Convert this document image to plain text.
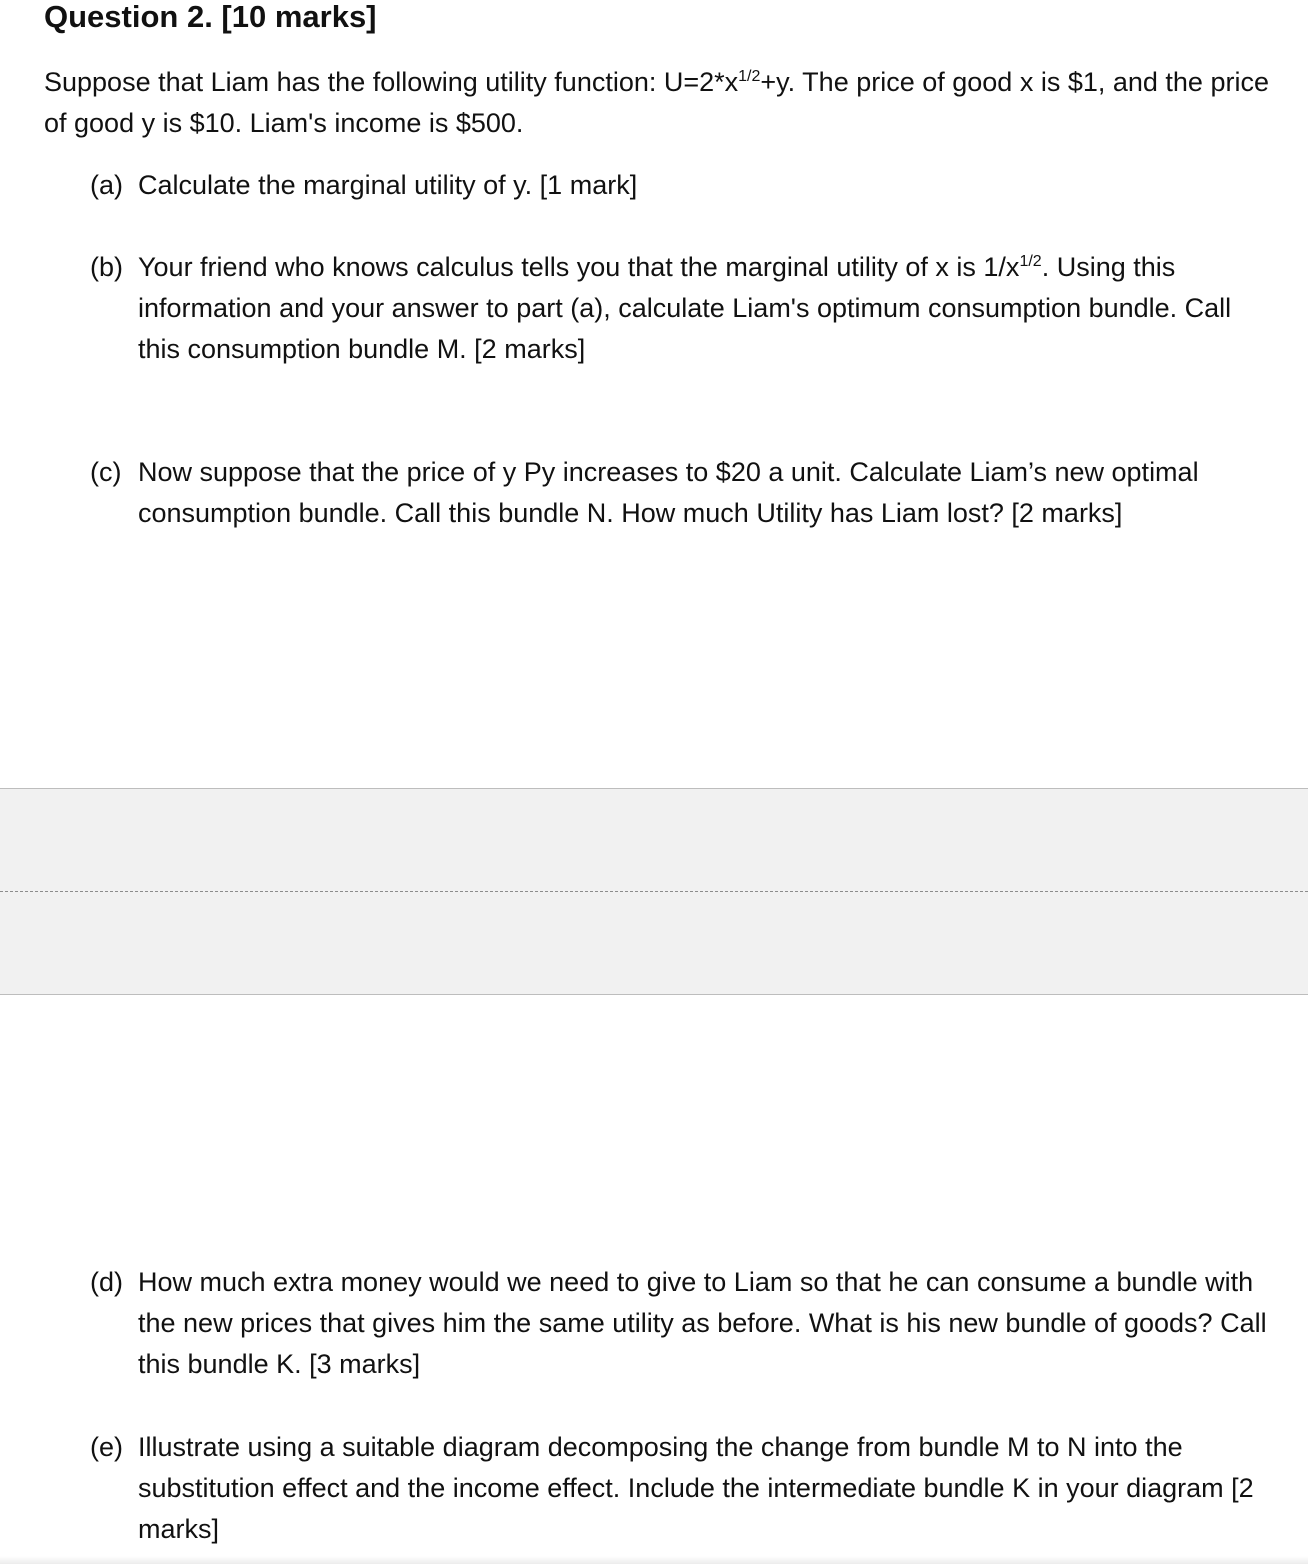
Question 2. [10 marks]

Suppose that Liam has the following utility function: $U=2*x^{1/2}+y$. The price of good x is $1, and the price of good y is $10. Liam's income is $500.

(a) Calculate the marginal utility of y. [1 mark]
(b) Your friend who knows calculus tells you that the marginal utility of x is $1/x^{1/2}$. Using this information and your answer to part (a), calculate Liam's optimum consumption bundle. Call this consumption bundle M. [2 marks]
(c) Now suppose that the price of y Py increases to $20 a unit. Calculate Liam’s new optimal consumption bundle. Call this bundle N. How much Utility has Liam lost? [2 marks]
(d) How much extra money would we need to give to Liam so that he can consume a bundle with the new prices that gives him the same utility as before. What is his new bundle of goods? Call this bundle K. [3 marks]
(e) Illustrate using a suitable diagram decomposing the change from bundle M to N into the substitution effect and the income effect. Include the intermediate bundle K in your diagram [2 marks]
